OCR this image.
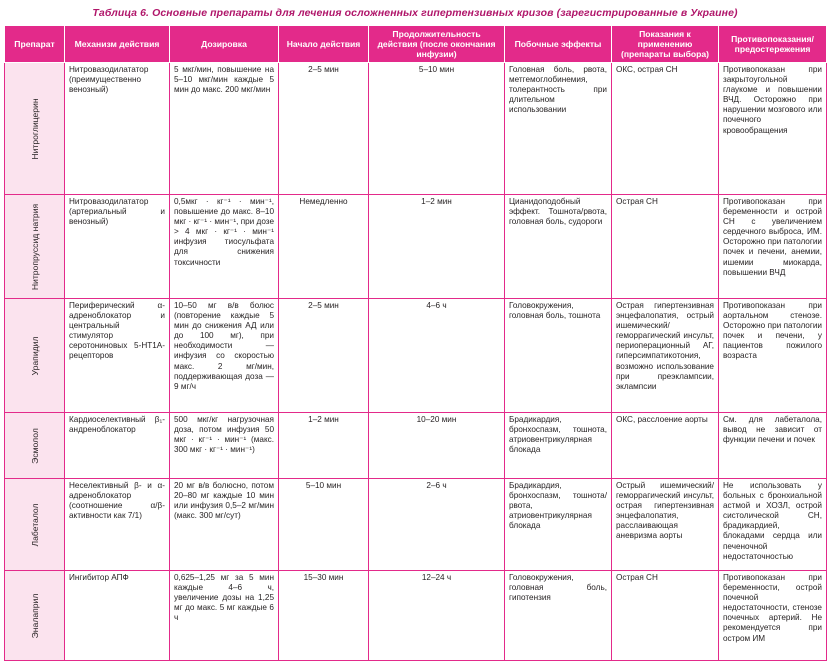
Таблица 6. Основные препараты для лечения осложненных гипертензивных кризов (зарегистрированные в Украине)
Препарат	Механизм действия	Дозировка	Начало действия	Продолжительность действия (после окончания инфузии)	Побочные эффекты	Показания к применению (препараты выбора)	Противопоказания/ предостережения

Нитроглицерин	Нитровазодилататор (преимущественно венозный)	5 мкг/мин, повышение на 5–10 мкг/мин каждые 5 мин до макс. 200 мкг/мин	2–5 мин	5–10 мин	Головная боль, рвота, метгемоглобинемия, толерантность при длительном использовании	ОКС, острая СН	Противопоказан при закрытоугольной глаукоме и повышении ВЧД. Осторожно при нарушении мозгового или почечного кровообращения

Нитропруссид натрия	Нитровазодилататор (артериальный и венозный)	0,5мкг · кг⁻¹ · мин⁻¹, повышение до макс. 8–10 мкг · кг⁻¹ · мин⁻¹, при дозе > 4 мкг · кг⁻¹ · мин⁻¹ инфузия тиосульфата для снижения токсичности	Немедленно	1–2 мин	Цианидоподобный эффект. Тошнота/рвота, головная боль, судороги	Острая СН	Противопоказан при беременности и острой СН с увеличением сердечного выброса, ИМ. Осторожно при патологии почек и печени, анемии, ишемии миокарда, повышении ВЧД

Урапидил	Периферический α-адреноблокатор и центральный стимулятор серотониновых 5-HT1A-рецепторов	10–50 мг в/в болюс (повторение каждые 5 мин до снижения АД или до 100 мг), при необходимости — инфузия со скоростью макс. 2 мг/мин, поддерживающая доза — 9 мг/ч	2–5 мин	4–6 ч	Головокружения, головная боль, тошнота	Острая гипертензивная энцефалопатия, острый ишемический/геморрагический инсульт, периоперационный АГ, гиперсимпатикотония, возможно использование при преэклампсии, эклампсии	Противопоказан при аортальном стенозе. Осторожно при патологии почек и печени, у пациентов пожилого возраста

Эсмолол	Кардиоселективный β₁-андреноблокатор	500 мкг/кг нагрузочная доза, потом инфузия 50 мкг · кг⁻¹ · мин⁻¹ (макс. 300 мкг · кг⁻¹ · мин⁻¹)	1–2 мин	10–20 мин	Брадикардия, бронхоспазм, тошнота, атриовентрикулярная блокада	ОКС, расслоение аорты	См. для лабеталола, вывод не зависит от функции печени и почек

Лабеталол	Неселективный β- и α-адреноблокатор (соотношение α/β-активности как 7/1)	20 мг в/в болюсно, потом 20–80 мг каждые 10 мин или инфузия 0,5–2 мг/мин (макс. 300 мг/сут)	5–10 мин	2–6 ч	Брадикардия, бронхоспазм, тошнота/рвота, атриовентрикулярная блокада	Острый ишемический/геморрагический инсульт, острая гипертензивная энцефалопатия, расслаивающая аневризма аорты	Не использовать у больных с бронхиальной астмой и ХОЗЛ, острой систолической СН, брадикардией, блокадами сердца или печеночной недостаточностью

Эналаприл	Ингибитор АПФ	0,625–1,25 мг за 5 мин каждые 4–6 ч, увеличение дозы на 1,25 мг до макс. 5 мг каждые 6 ч	15–30 мин	12–24 ч	Головокружения, головная боль, гипотензия	Острая СН	Противопоказан при беременности, острой почечной недостаточности, стенозе почечных артерий. Не рекомендуется при остром ИМ
